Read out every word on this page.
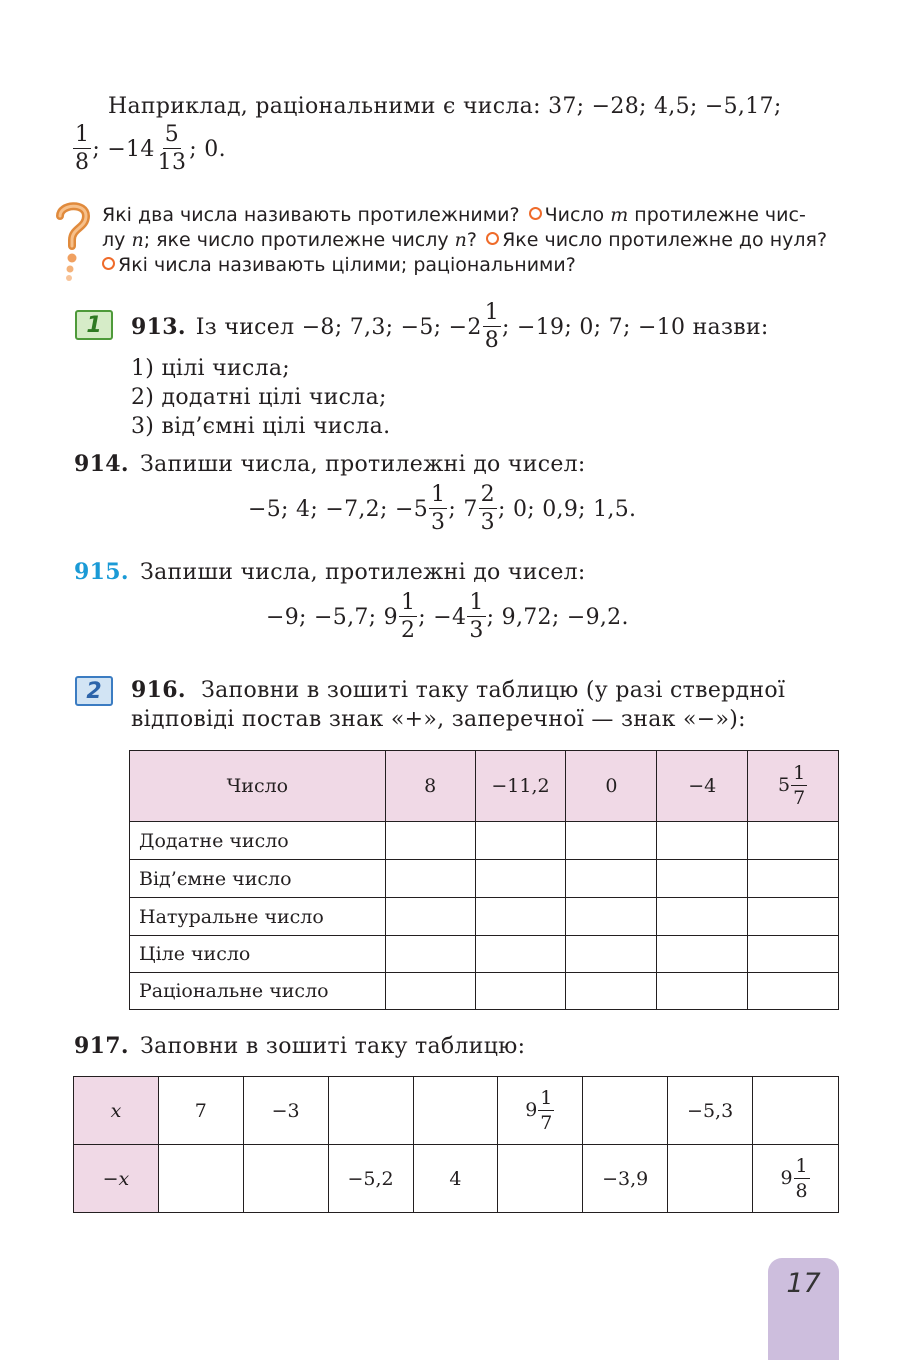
Наприклад, раціональними є числа: 37; −28; 4,5; −5,17;
$\frac{1}{8}$ ; $-14 \frac{5}{13}$ ; 0.
Які два числа називають протилежними? Число m протилежне чис-
лу n; яке число протилежне числу n? Яке число протилежне до нуля?
Які числа називають цілими; раціональними?
1 913. Із чисел −8; 7,3; −5; $-2 \frac{1}{8}$ ; −19; 0; 7; −10 назви:
1) цілі числа;
2) додатні цілі числа;
3) від’ємні цілі числа.
914. Запиши числа, протилежні до чисел:
−5; 4; −7,2; $-5 \frac{1}{3}$ ; $7 \frac{2}{3}$ ; 0; 0,9; 1,5.
915. Запиши числа, протилежні до чисел:
−9; −5,7; $9 \frac{1}{2}$ ; $-4 \frac{1}{3}$ ; 9,72; −9,2.
2 916. Заповни в зошиті таку таблицю (у разі ствердної
відповіді постав знак «+», заперечної — знак «−»):
Число	8	−11,2	0	−4	$5 \frac{1}{7}$

Додатне число					
Від’ємне число					
Натуральне число					
Ціле число					
Раціональне число					
917. Заповни в зошиті таку таблицю:
x	7	−3			$9 \frac{1}{7}$		−5,3	
−x			−5,2	4		−3,9		$9 \frac{1}{8}$
17
